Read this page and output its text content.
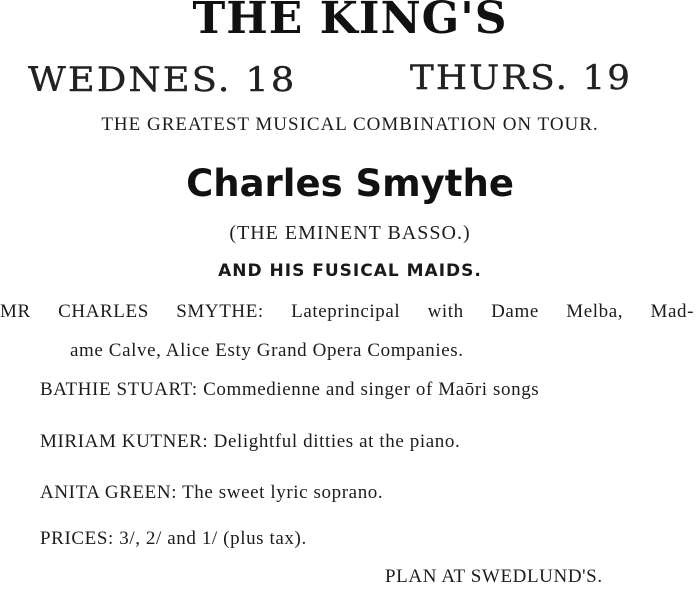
THE KING'S
WEDNES. 18	THURS. 19
THE GREATEST MUSICAL COMBINATION ON TOUR.
Charles Smythe
(THE EMINENT BASSO.)
AND HIS FUSICAL MAIDS.
MR CHARLES SMYTHE: Lateprincipal with Dame Melba, Mad-
ame Calve, Alice Esty Grand Opera Companies.
BATHIE STUART: Commedienne and singer of Maōri songs
MIRIAM KUTNER: Delightful ditties at the piano.
ANITA GREEN: The sweet lyric soprano.
PRICES: 3/, 2/ and 1/ (plus tax).
PLAN AT SWEDLUND'S.
